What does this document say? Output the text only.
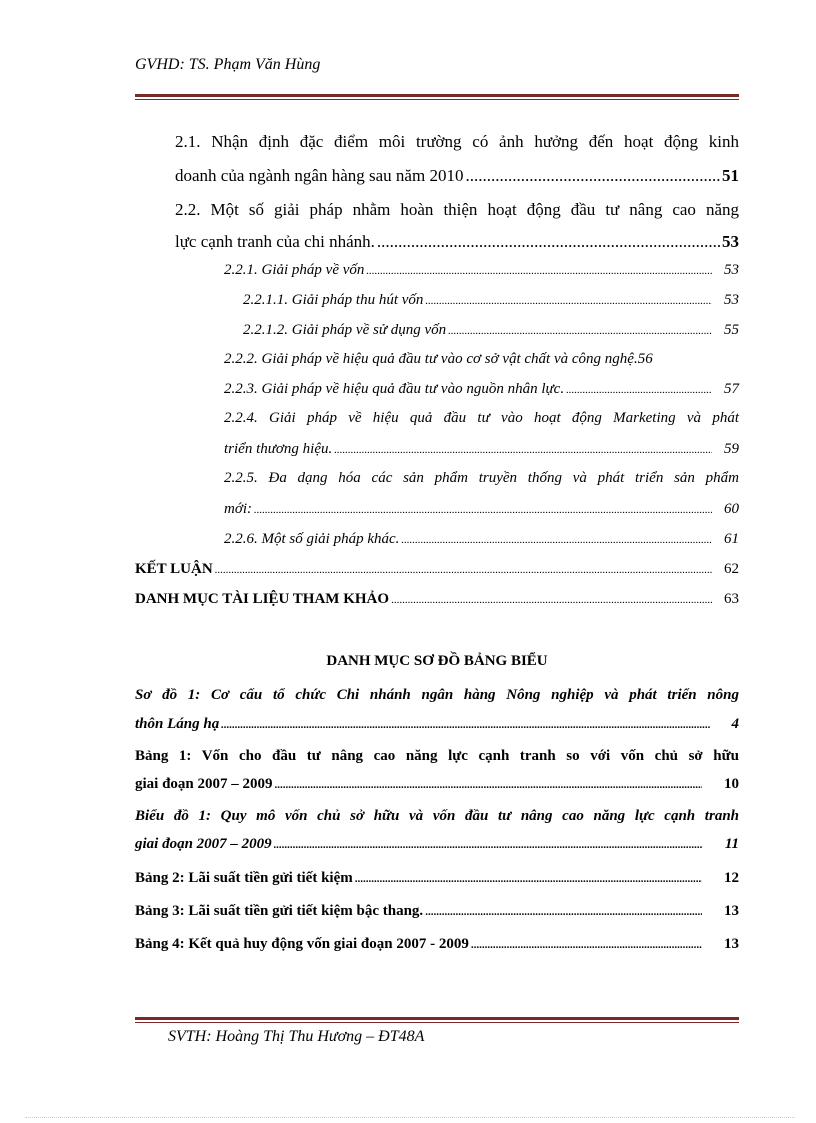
GVHD: TS. Phạm Văn Hùng
2.1. Nhận định đặc điểm môi trường có ảnh hưởng đến hoạt động kinh
doanh của ngành ngân hàng sau năm 2010 .....	51
2.2. Một số giải pháp nhằm hoàn thiện hoạt động đầu tư nâng cao năng
lực cạnh tranh của chi nhánh. .....	53
2.2.1. Giải pháp về vốn .....	53
2.2.1.1. Giải pháp thu hút vốn .....	53
2.2.1.2. Giải pháp về sử dụng vốn .....	55
2.2.2. Giải pháp về hiệu quả đầu tư vào cơ sở vật chất và công nghệ. 56
2.2.3. Giải pháp về hiệu quả đầu tư vào nguồn nhân lực. .....	57
2.2.4. Giải pháp về hiệu quả đầu tư vào hoạt động Marketing và phát
triển thương hiệu. .....	59
2.2.5. Đa dạng hóa các sản phẩm truyền thống và phát triển sản phẩm
mới: .....	60
2.2.6. Một số giải pháp khác. .....	61
KẾT LUẬN .....	62
DANH MỤC TÀI LIỆU THAM KHẢO .....	63
DANH MỤC SƠ ĐỒ BẢNG BIỂU
Sơ đồ 1: Cơ cấu tổ chức Chi nhánh ngân hàng Nông nghiệp và phát triển nông
thôn Láng hạ .....	4
Bảng 1: Vốn cho đầu tư nâng cao năng lực cạnh tranh so với vốn chủ sở hữu
giai đoạn 2007 – 2009 .....	10
Biểu đồ 1: Quy mô vốn chủ sở hữu và vốn đầu tư nâng cao năng lực cạnh tranh
giai đoạn 2007 – 2009 .....	11
Bảng 2: Lãi suất tiền gửi tiết kiệm .....	12
Bảng 3: Lãi suất tiền gửi tiết kiệm bậc thang. .....	13
Bảng 4: Kết quả huy động vốn giai đoạn 2007 - 2009 .....	13
SVTH: Hoàng Thị Thu Hương – ĐT48A
